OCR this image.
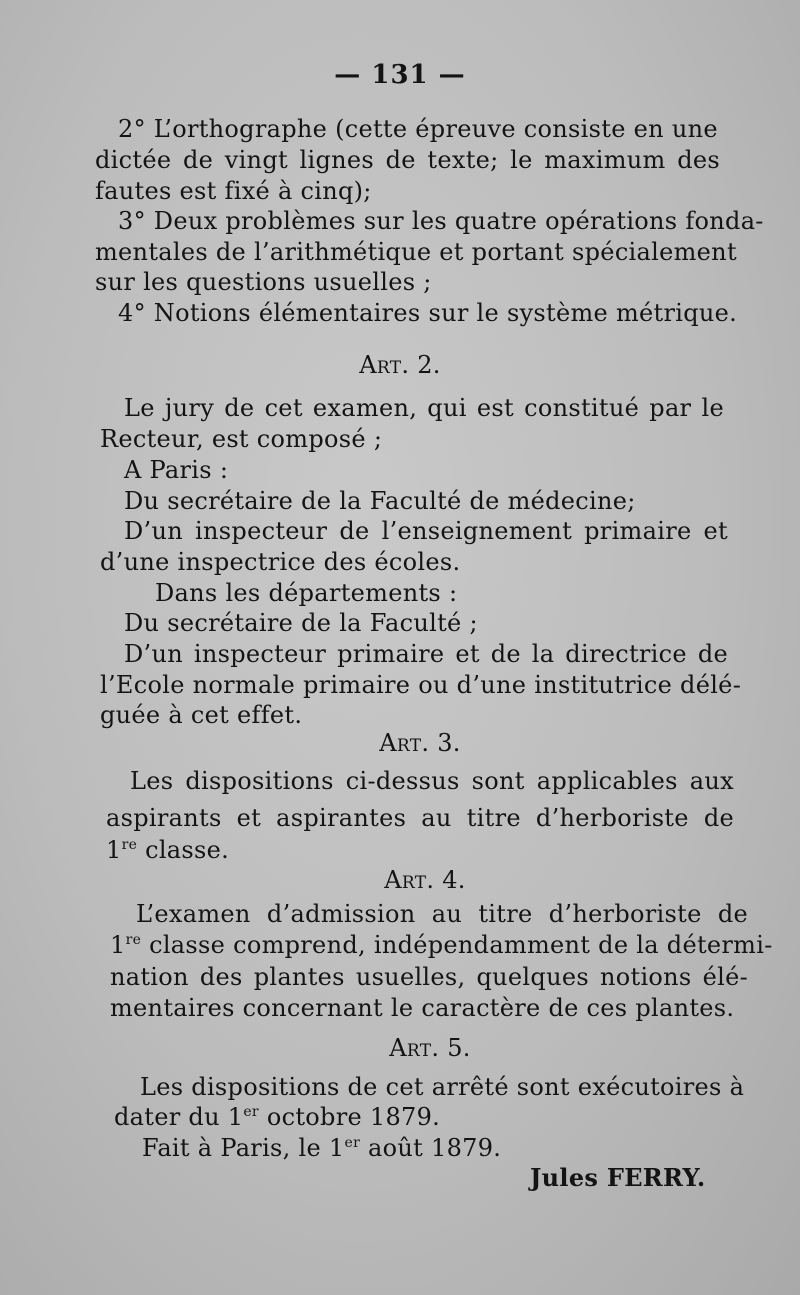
— 131 —
2° L’orthographe (cette épreuve consiste en une
dictée de vingt lignes de texte; le maximum des
fautes est fixé à cinq);
3° Deux problèmes sur les quatre opérations fonda-
mentales de l’arithmétique et portant spécialement
sur les questions usuelles ;
4° Notions élémentaires sur le système métrique.
Art. 2.
Le jury de cet examen, qui est constitué par le
Recteur, est composé ;
A Paris :
Du secrétaire de la Faculté de médecine;
D’un inspecteur de l’enseignement primaire et
d’une inspectrice des écoles.
Dans les départements :
Du secrétaire de la Faculté ;
D’un inspecteur primaire et de la directrice de
l’Ecole normale primaire ou d’une institutrice délé-
guée à cet effet.
Art. 3.
Les dispositions ci-dessus sont applicables aux
aspirants et aspirantes au titre d’herboriste de
1re classe.
Art. 4.
L’examen d’admission au titre d’herboriste de
1re classe comprend, indépendamment de la détermi-
nation des plantes usuelles, quelques notions élé-
mentaires concernant le caractère de ces plantes.
Art. 5.
Les dispositions de cet arrêté sont exécutoires à
dater du 1er octobre 1879.
Fait à Paris, le 1er août 1879.
Jules FERRY.
